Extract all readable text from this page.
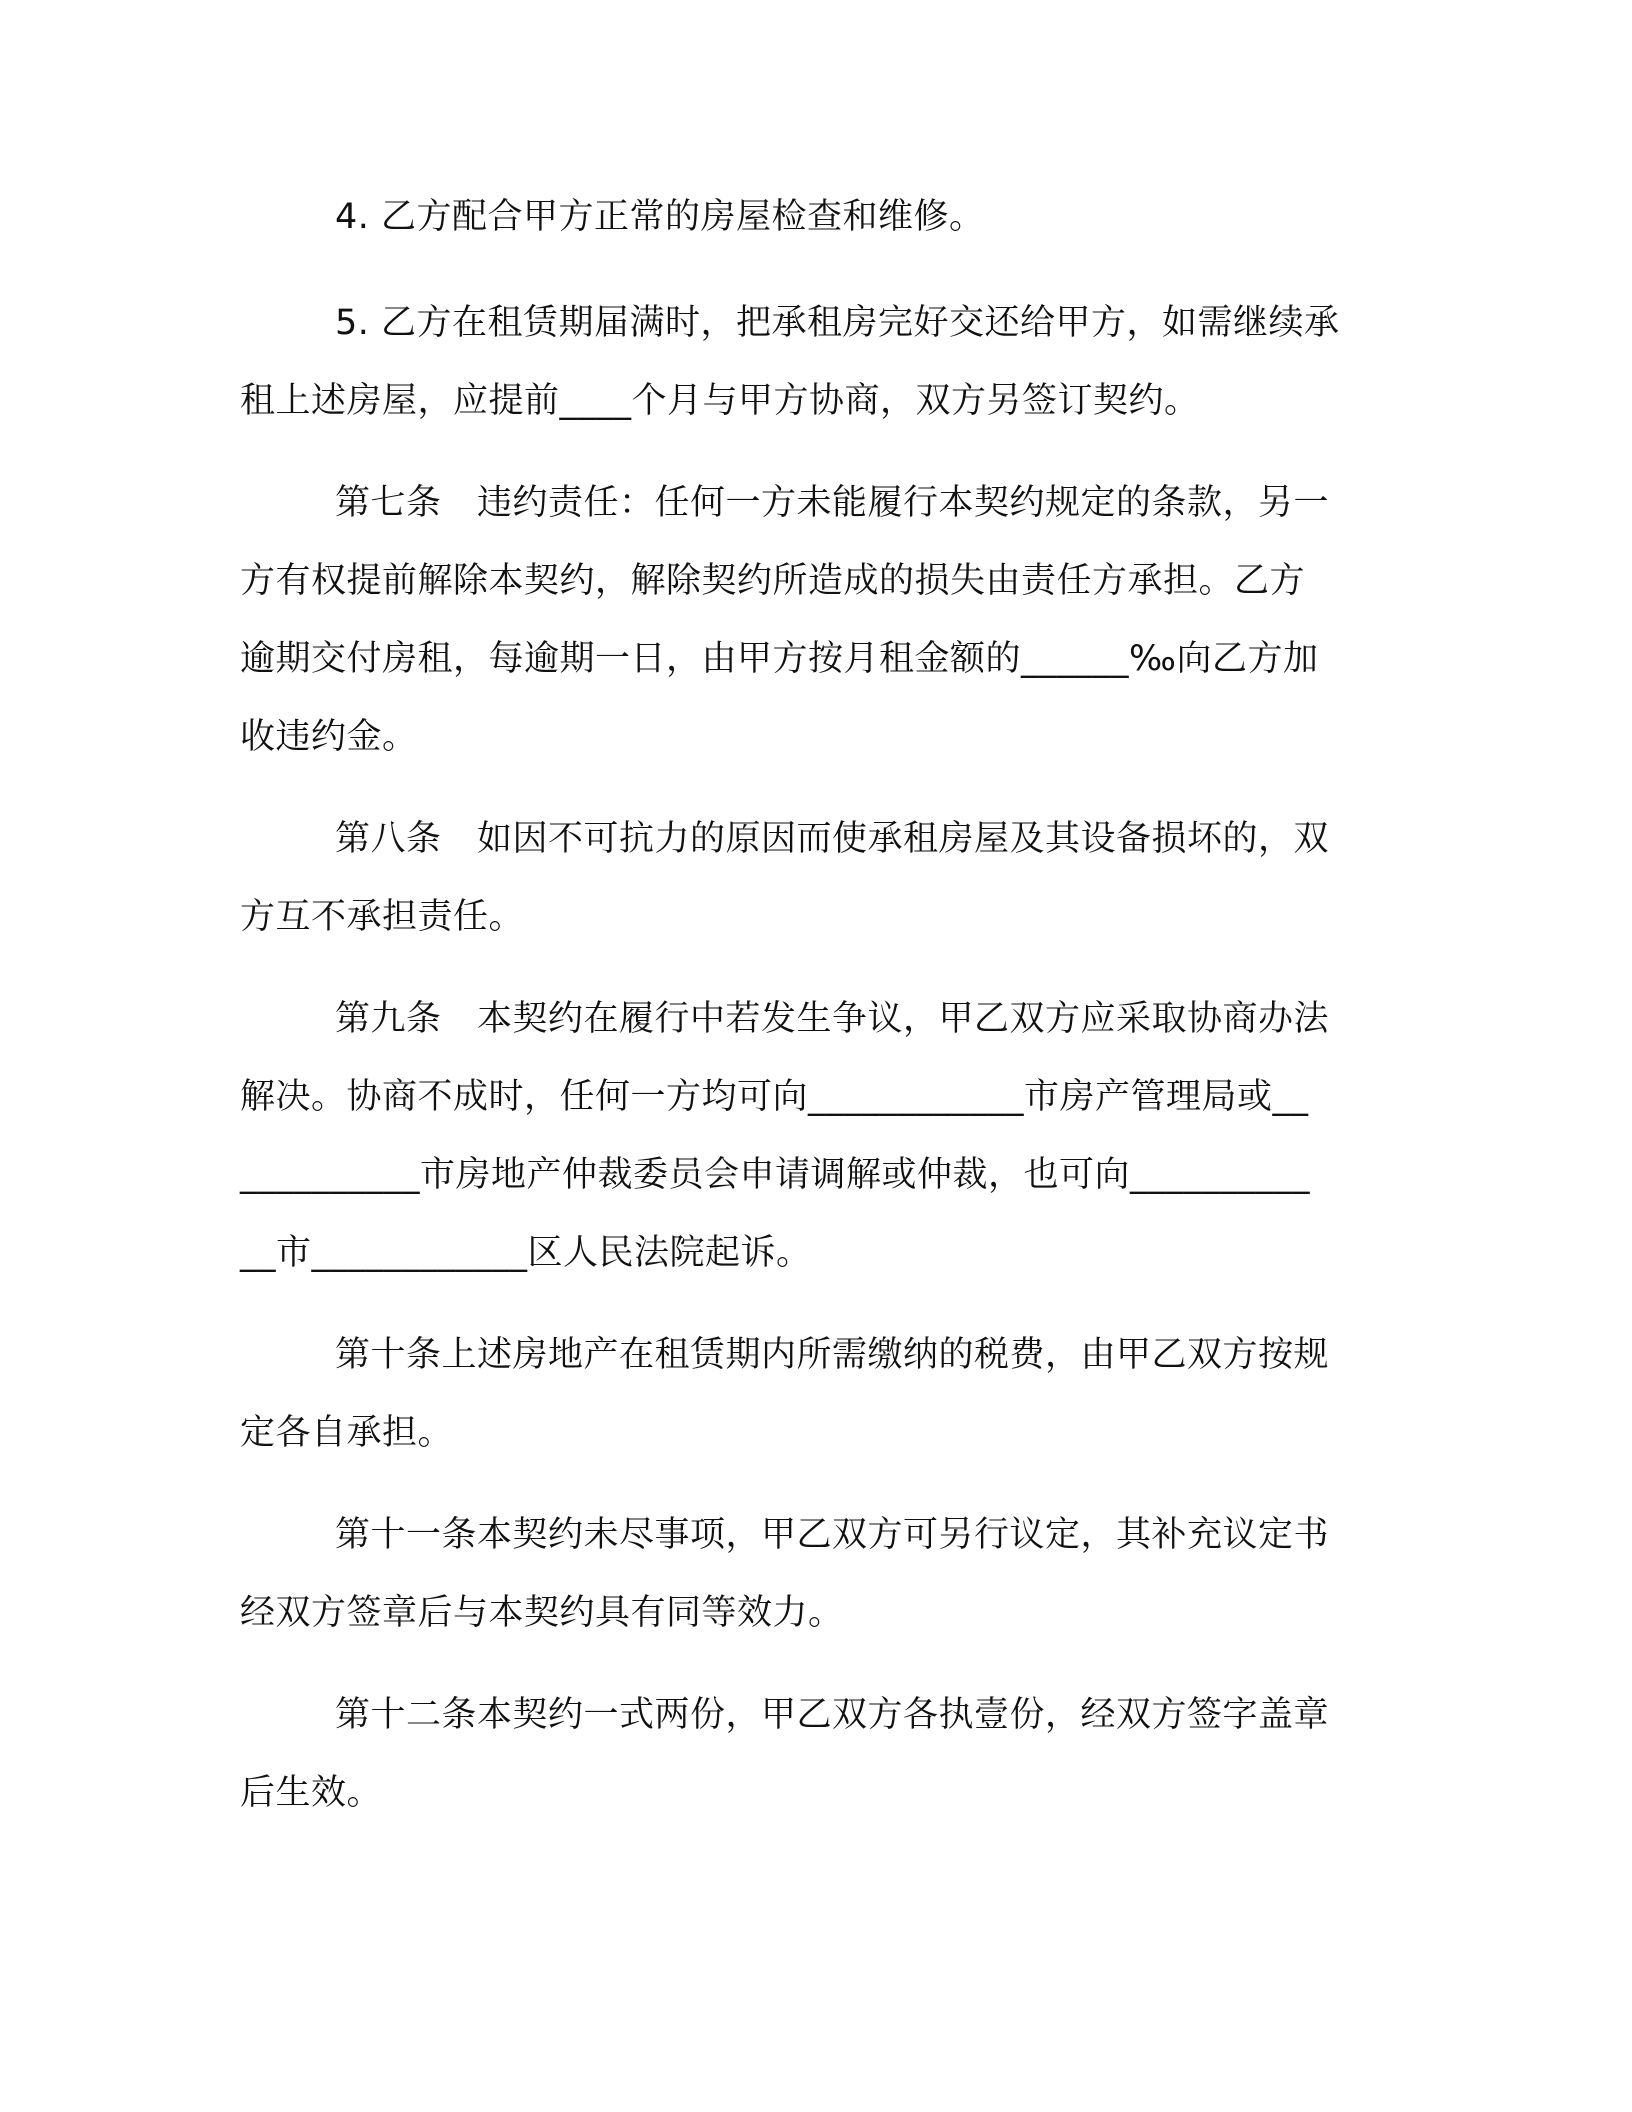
4. 乙方配合甲方正常的房屋检查和维修。
5. 乙方在租赁期届满时，把承租房完好交还给甲方，如需继续承
租上述房屋，应提前____个月与甲方协商，双方另签订契约。
第七条　违约责任：任何一方未能履行本契约规定的条款，另一
方有权提前解除本契约，解除契约所造成的损失由责任方承担。乙方
逾期交付房租，每逾期一日，由甲方按月租金额的______‰向乙方加
收违约金。
第八条　如因不可抗力的原因而使承租房屋及其设备损坏的，双
方互不承担责任。
第九条　本契约在履行中若发生争议，甲乙双方应采取协商办法
解决。协商不成时，任何一方均可向____________市房产管理局或__
__________市房地产仲裁委员会申请调解或仲裁，也可向__________
__市____________区人民法院起诉。
第十条上述房地产在租赁期内所需缴纳的税费，由甲乙双方按规
定各自承担。
第十一条本契约未尽事项，甲乙双方可另行议定，其补充议定书
经双方签章后与本契约具有同等效力。
第十二条本契约一式两份，甲乙双方各执壹份，经双方签字盖章
后生效。
